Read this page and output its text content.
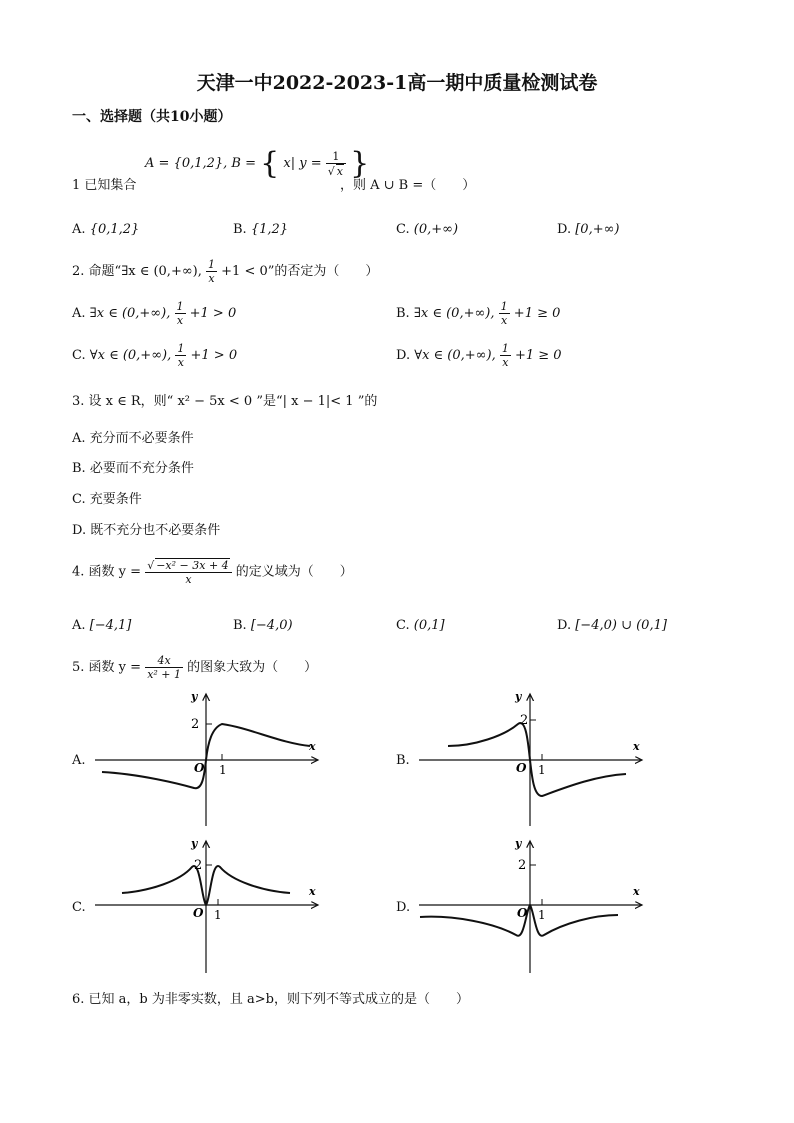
天津一中2022-2023-1高一期中质量检测试卷
一、选择题（共10小题）
A = {0,1,2}, B = { x| $y = \frac{1}{√ x}$ }
1 已知集合	，则 A ∪ B =（　　）
A. {0,1,2}	B. {1,2}	C. (0,+∞)	D. [0,+∞)
2. 命题“∃x ∈ (0,+∞), $\frac{1}{x} +1 < 0$”的否定为（　　）
A. ∃x ∈ (0,+∞), $\frac{1}{x} +1 > 0$	B. ∃x ∈ (0,+∞), $\frac{1}{x} +1 \ge 0$
C. ∀x ∈ (0,+∞), $\frac{1}{x} +1 > 0$	D. ∀x ∈ (0,+∞), $\frac{1}{x} +1 \ge 0$
3. 设 x ∈ R，则“ x² − 5x < 0 ”是“| x − 1|< 1 ”的
A. 充分而不必要条件
B. 必要而不充分条件
C. 充要条件
D. 既不充分也不必要条件
4. 函数 $y = \frac{\text{√ −x² − 3x + 4}}{x}$ 的定义域为（　　）
A. [−4,1]	B. [−4,0)	C. (0,1]	D. [−4,0) ∪ (0,1]
5. 函数 $y = \frac{4x}{\text{x² + 1}}$ 的图象大致为（　　）
A.	B.
C.	D.
O 1
2
y
x
O 1
2
y
x
O 1
2
y
x
O 1
2
y
x
6. 已知 a，b 为非零实数，且 a>b，则下列不等式成立的是（　　）
